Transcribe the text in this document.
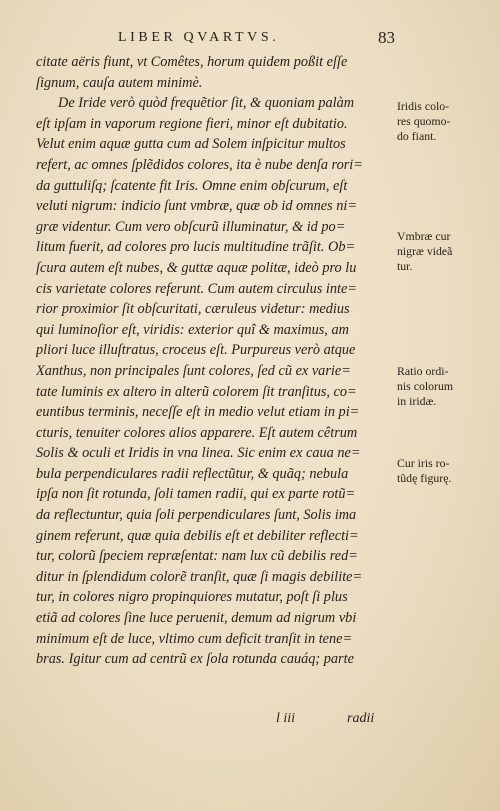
LIBER QVARTVS.	83
citate aëris fiunt, vt Comêtes, horum quidem poßit eſſe
ſignum, cauſa autem minimè.
De Iride verò quòd frequẽtior ſit, & quoniam palàm
eſt ipſam in vaporum regione fieri, minor eſt dubitatio.
Velut enim aquæ gutta cum ad Solem inſpicitur multos
refert, ac omnes ſplẽdidos colores, ita è nube denſa rori=
da guttuliſq; ſcatente fit Iris. Omne enim obſcurum, eſt
veluti nigrum: indicio ſunt vmbræ, quæ ob id omnes ni=
græ videntur. Cum vero obſcurũ illuminatur, & id po=
litum fuerit, ad colores pro lucis multitudine trãſit. Ob=
ſcura autem eſt nubes, & guttæ aquæ politæ, ideò pro lu
cis varietate colores referunt. Cum autem circulus inte=
rior proximior ſit obſcuritati, cæruleus videtur: medius
qui luminoſior eſt, viridis: exterior quî & maximus, am
pliori luce illuſtratus, croceus eſt. Purpureus verò atque
Xanthus, non principales ſunt colores, ſed cũ ex varie=
tate luminis ex altero in alterũ colorem ſit tranſitus, co=
euntibus terminis, neceſſe eſt in medio velut etiam in pi=
cturis, tenuiter colores alios apparere. Eſt autem cêtrum
Solis & oculi et Iridis in vna linea. Sic enim ex caua ne=
bula perpendiculares radii reflectũtur, & quãq; nebula
ipſa non ſit rotunda, ſoli tamen radii, qui ex parte rotũ=
da reflectuntur, quia ſoli perpendiculares ſunt, Solis ima
ginem referunt, quæ quia debilis eſt et debiliter reflecti=
tur, colorũ ſpeciem repræſentat: nam lux cũ debilis red=
ditur in ſplendidum colorẽ tranſit, quæ ſi magis debilite=
tur, in colores nigro propinquiores mutatur, poſt ſi plus
etiã ad colores ſine luce peruenit, demum ad nigrum vbi
minimum eſt de luce, vltimo cum deficit tranſit in tene=
bras. Igitur cum ad centrũ ex ſola rotunda cauáq; parte
Iridis colo-
res quomo-
do fiant.
Vmbræ cur
nigræ videã
tur.
Ratio ordi-
nis colorum
in iridæ.
Cur iris ro-
tũdę figurę.
l iii	radii
